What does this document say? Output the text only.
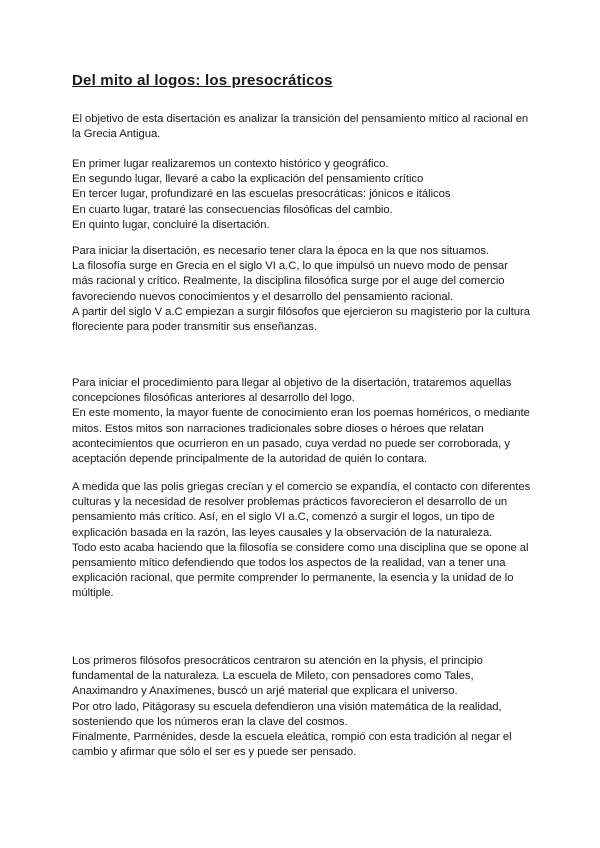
Del mito al logos: los presocráticos
El objetivo de esta disertación es analizar la transición del pensamiento mítico al racional en
la Grecia Antigua.
En primer lugar realizaremos un contexto histórico y geográfico.
En segundo lugar, llevaré a cabo la explicación del pensamiento crítico
En tercer lugar, profundizaré en las escuelas presocráticas: jónicos e itálicos
En cuarto lugar, trataré las consecuencias filosóficas del cambio.
En quinto lugar, concluiré la disertación.
Para iniciar la disertación, es necesario tener clara la época en la que nos situamos.
La filosofía surge en Grecia en el siglo VI a.C, lo que impulsó un nuevo modo de pensar
más racional y crítico. Realmente, la disciplina filosófica surge por el auge del comercio
favoreciendo nuevos conocimientos y el desarrollo del pensamiento racional.
A partir del siglo V a.C empiezan a surgir filósofos que ejercieron su magisterio por la cultura
floreciente para poder transmitir sus enseñanzas.
Para iniciar el procedimiento para llegar al objetivo de la disertación, trataremos aquellas
concepciones filosóficas anteriores al desarrollo del logo.
En este momento, la mayor fuente de conocimiento eran los poemas homéricos, o mediante
mitos. Estos mitos son narraciones tradicionales sobre dioses o héroes que relatan
acontecimientos que ocurrieron en un pasado, cuya verdad no puede ser corroborada, y
aceptación depende principalmente de la autoridad de quién lo contara.
A medida que las polis griegas crecían y el comercio se expandía, el contacto con diferentes
culturas y la necesidad de resolver problemas prácticos favorecieron el desarrollo de un
pensamiento más crítico. Así, en el siglo VI a.C, comenzó a surgir el logos, un tipo de
explicación basada en la razón, las leyes causales y la observación de la naturaleza.
Todo esto acaba haciendo que la filosofía se considere como una disciplina que se opone al
pensamiento mítico defendiendo que todos los aspectos de la realidad, van a tener una
explicación racional, que permite comprender lo permanente, la esencia y la unidad de lo
múltiple.
Los primeros filósofos presocráticos centraron su atención en la physis, el principio
fundamental de la naturaleza. La escuela de Mileto, con pensadores como Tales,
Anaximandro y Anaxímenes, buscó un arjé material que explicara el universo.
Por otro lado, Pitágorasy su escuela defendieron una visión matemática de la realidad,
sosteniendo que los números eran la clave del cosmos.
Finalmente, Parménides, desde la escuela eleática, rompió con esta tradición al negar el
cambio y afirmar que sólo el ser es y puede ser pensado.
